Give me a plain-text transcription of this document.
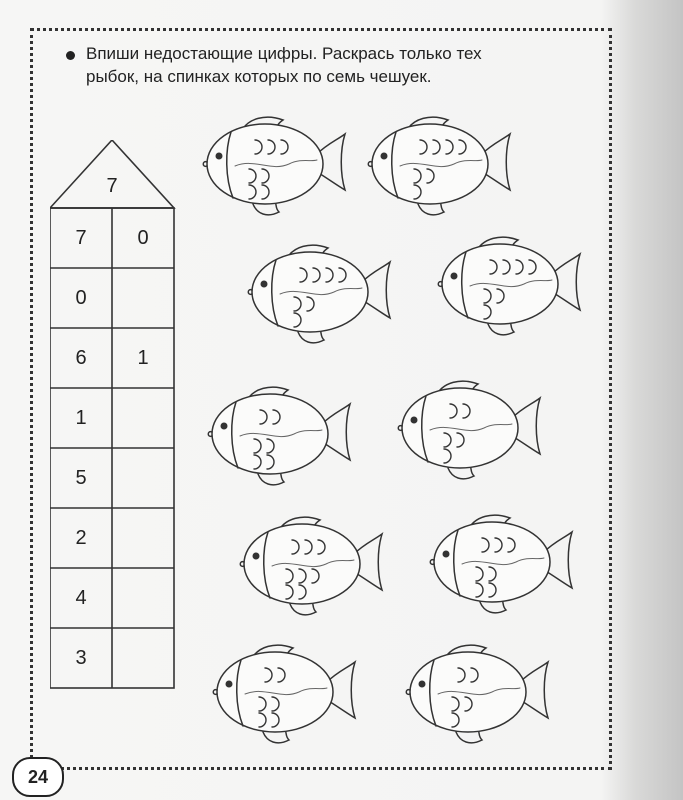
Впиши недостающие цифры. Раскрась только тех
рыбок, на спинках которых по семь чешуек.
7
7	0
0
6	1
1
5
2
4
3
24
